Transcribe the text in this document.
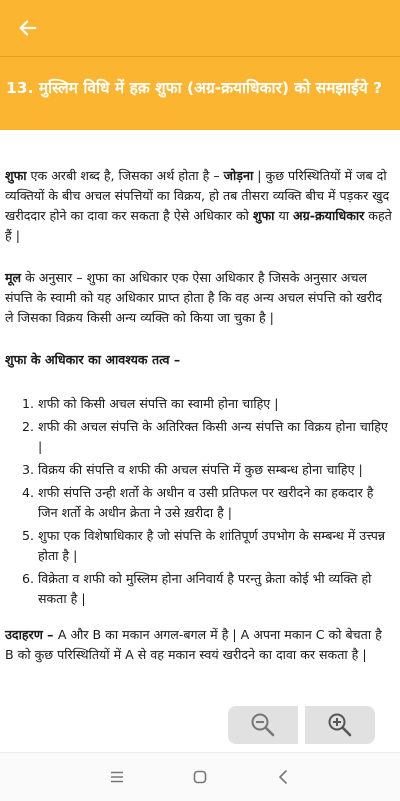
13. मुस्लिम विधि में हक़ शुफा (अग्र-क्रयाधिकार) को समझाईये ?

शुफा एक अरबी शब्द है, जिसका अर्थ होता है – जोड़ना | कुछ परिस्थितियों में जब दो व्यक्तियों के बीच अचल संपत्तियों का विक्रय, हो तब तीसरा व्यक्ति बीच में पड़कर खुद खरीददार होने का दावा कर सकता है ऐसे अधिकार को शुफा या अग्र-क्रयाधिकार कहते हैं |

मूल के अनुसार – शुफा का अधिकार एक ऐसा अधिकार है जिसके अनुसार अचल संपत्ति के स्वामी को यह अधिकार प्राप्त होता है कि वह अन्य अचल संपत्ति को खरीद ले जिसका विक्रय किसी अन्य व्यक्ति को किया जा चुका है |

शुफा के अधिकार का आवश्यक तत्व –
1. शफी को किसी अचल संपत्ति का स्वामी होना चाहिए |
2. शफी की अचल संपत्ति के अतिरिक्त किसी अन्य संपत्ति का विक्रय होना चाहिए |
3. विक्रय की संपत्ति व शफी की अचल संपत्ति में कुछ सम्बन्ध होना चाहिए |
4. शफी संपत्ति उन्ही शर्तो के अधीन व उसी प्रतिफल पर खरीदने का हकदार है जिन शर्तो के अधीन क्रेता ने उसे ख़रीदा है |
5. शुफा एक विशेषाधिकार है जो संपत्ति के शांतिपूर्ण उपभोग के सम्बन्ध में उत्त्पन्न होता है |
6. विक्रेता व शफी को मुस्लिम होना अनिवार्य है परन्तु क्रेता कोई भी व्यक्ति हो सकता है |

उदाहरण – A और B का मकान अगल-बगल में है | A अपना मकान C को बेचता है B को कुछ परिस्थितियों में A से वह मकान स्वयं खरीदने का दावा कर सकता है |
